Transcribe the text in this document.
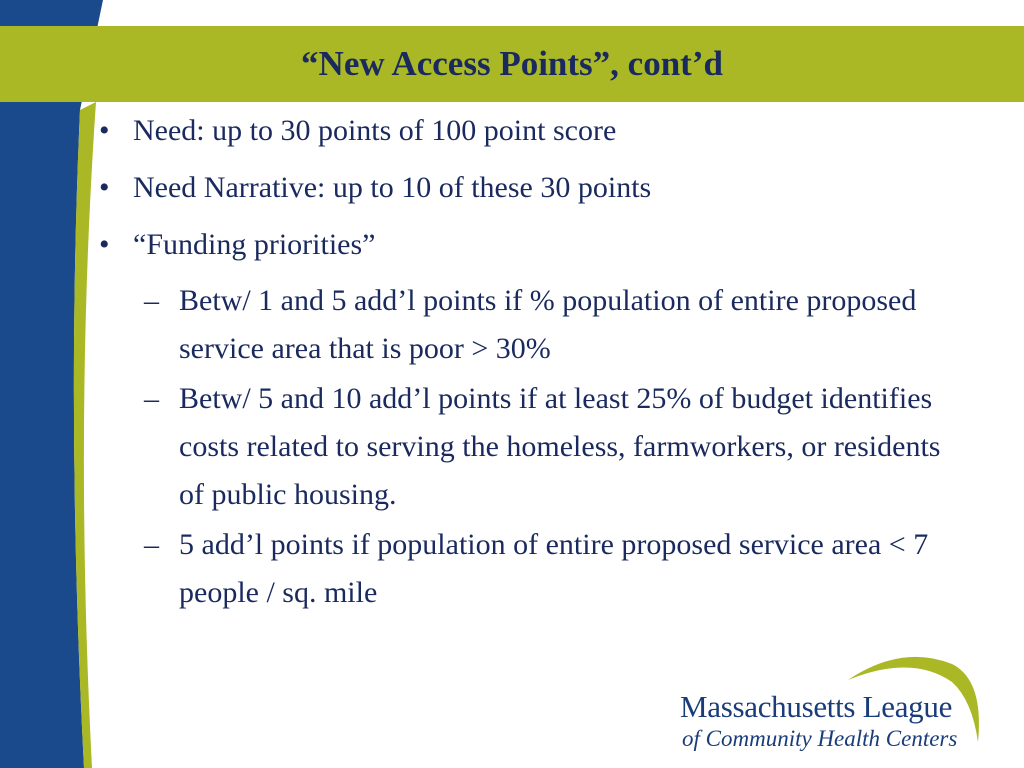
“New Access Points”, cont’d
• Need: up to 30 points of 100 point score
• Need Narrative: up to 10 of these 30 points
• “Funding priorities”
– Betw/ 1 and 5 add’l points if % population of entire proposed service area that is poor > 30%
– Betw/ 5 and 10 add’l points if at least 25% of budget identifies costs related to serving the homeless, farmworkers, or residents of public housing.
– 5 add’l points if population of entire proposed service area < 7 people / sq. mile
Massachusetts League
of Community Health Centers
